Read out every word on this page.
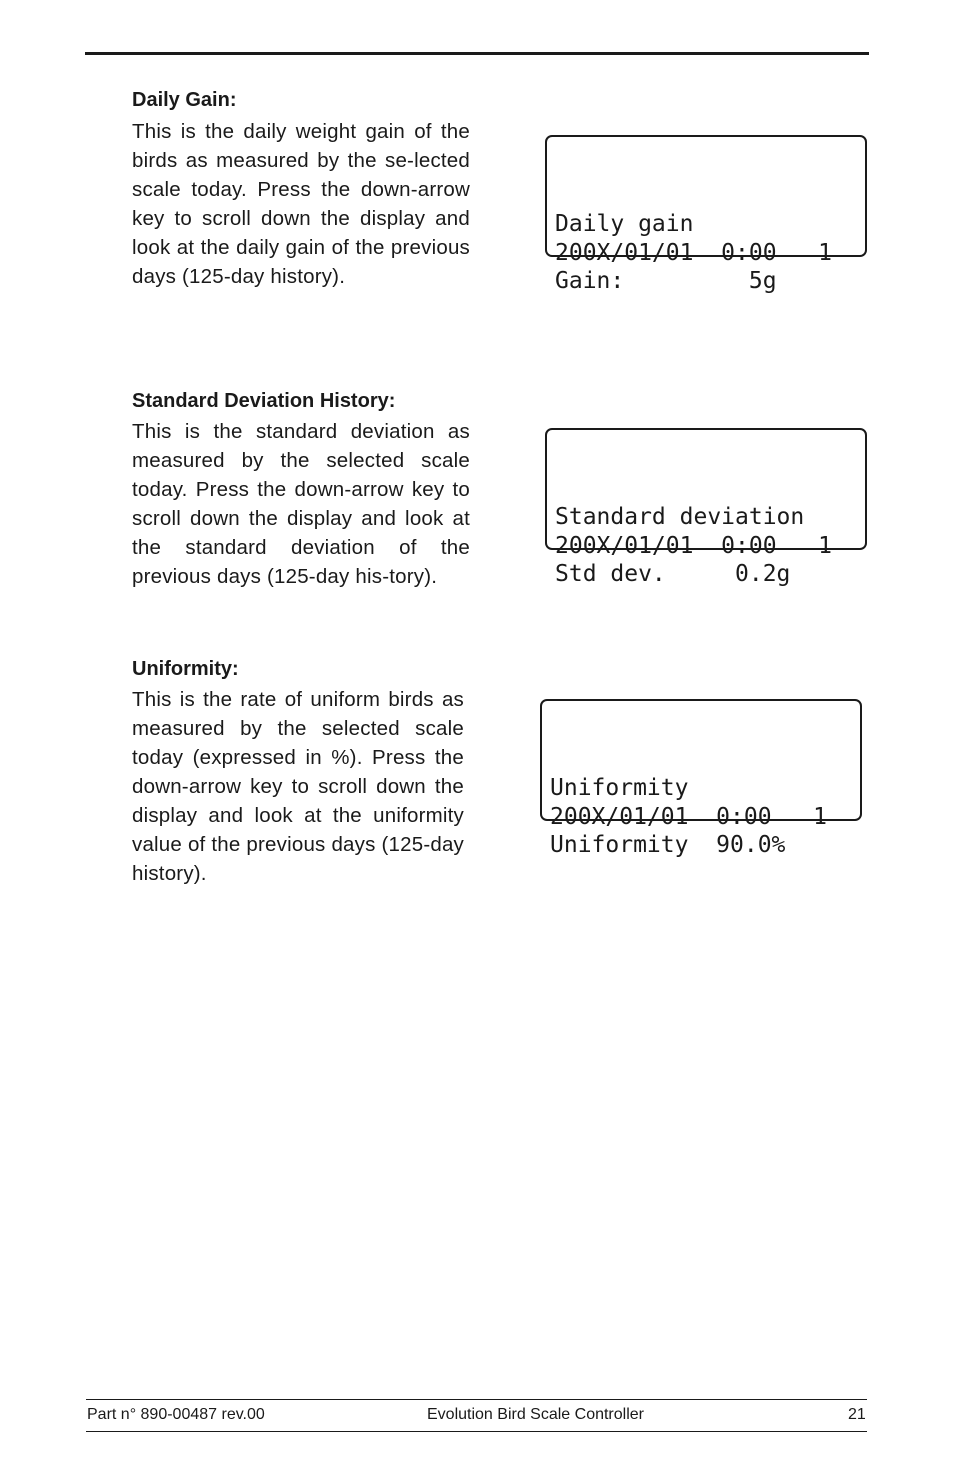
Daily Gain:

This is the daily weight gain of the birds as measured by the se-lected scale today. Press the down-arrow key to scroll down the display and look at the daily gain of the previous days (125-day history).

Daily gain
200X/01/01  0:00   1
Gain:         5g

Standard Deviation History:

This is the standard deviation as measured by the selected scale today. Press the down-arrow key to scroll down the display and look at the standard deviation of the previous days (125-day his-tory).

Standard deviation
200X/01/01  0:00   1
Std dev.     0.2g

Uniformity:

This is the rate of uniform birds as measured by the selected scale today (expressed in %). Press the down-arrow key to scroll down the display and look at the uniformity value of the previous days (125-day history).

Uniformity
200X/01/01  0:00   1
Uniformity  90.0%

Part n° 890-00487 rev.00	Evolution Bird Scale Controller	21
